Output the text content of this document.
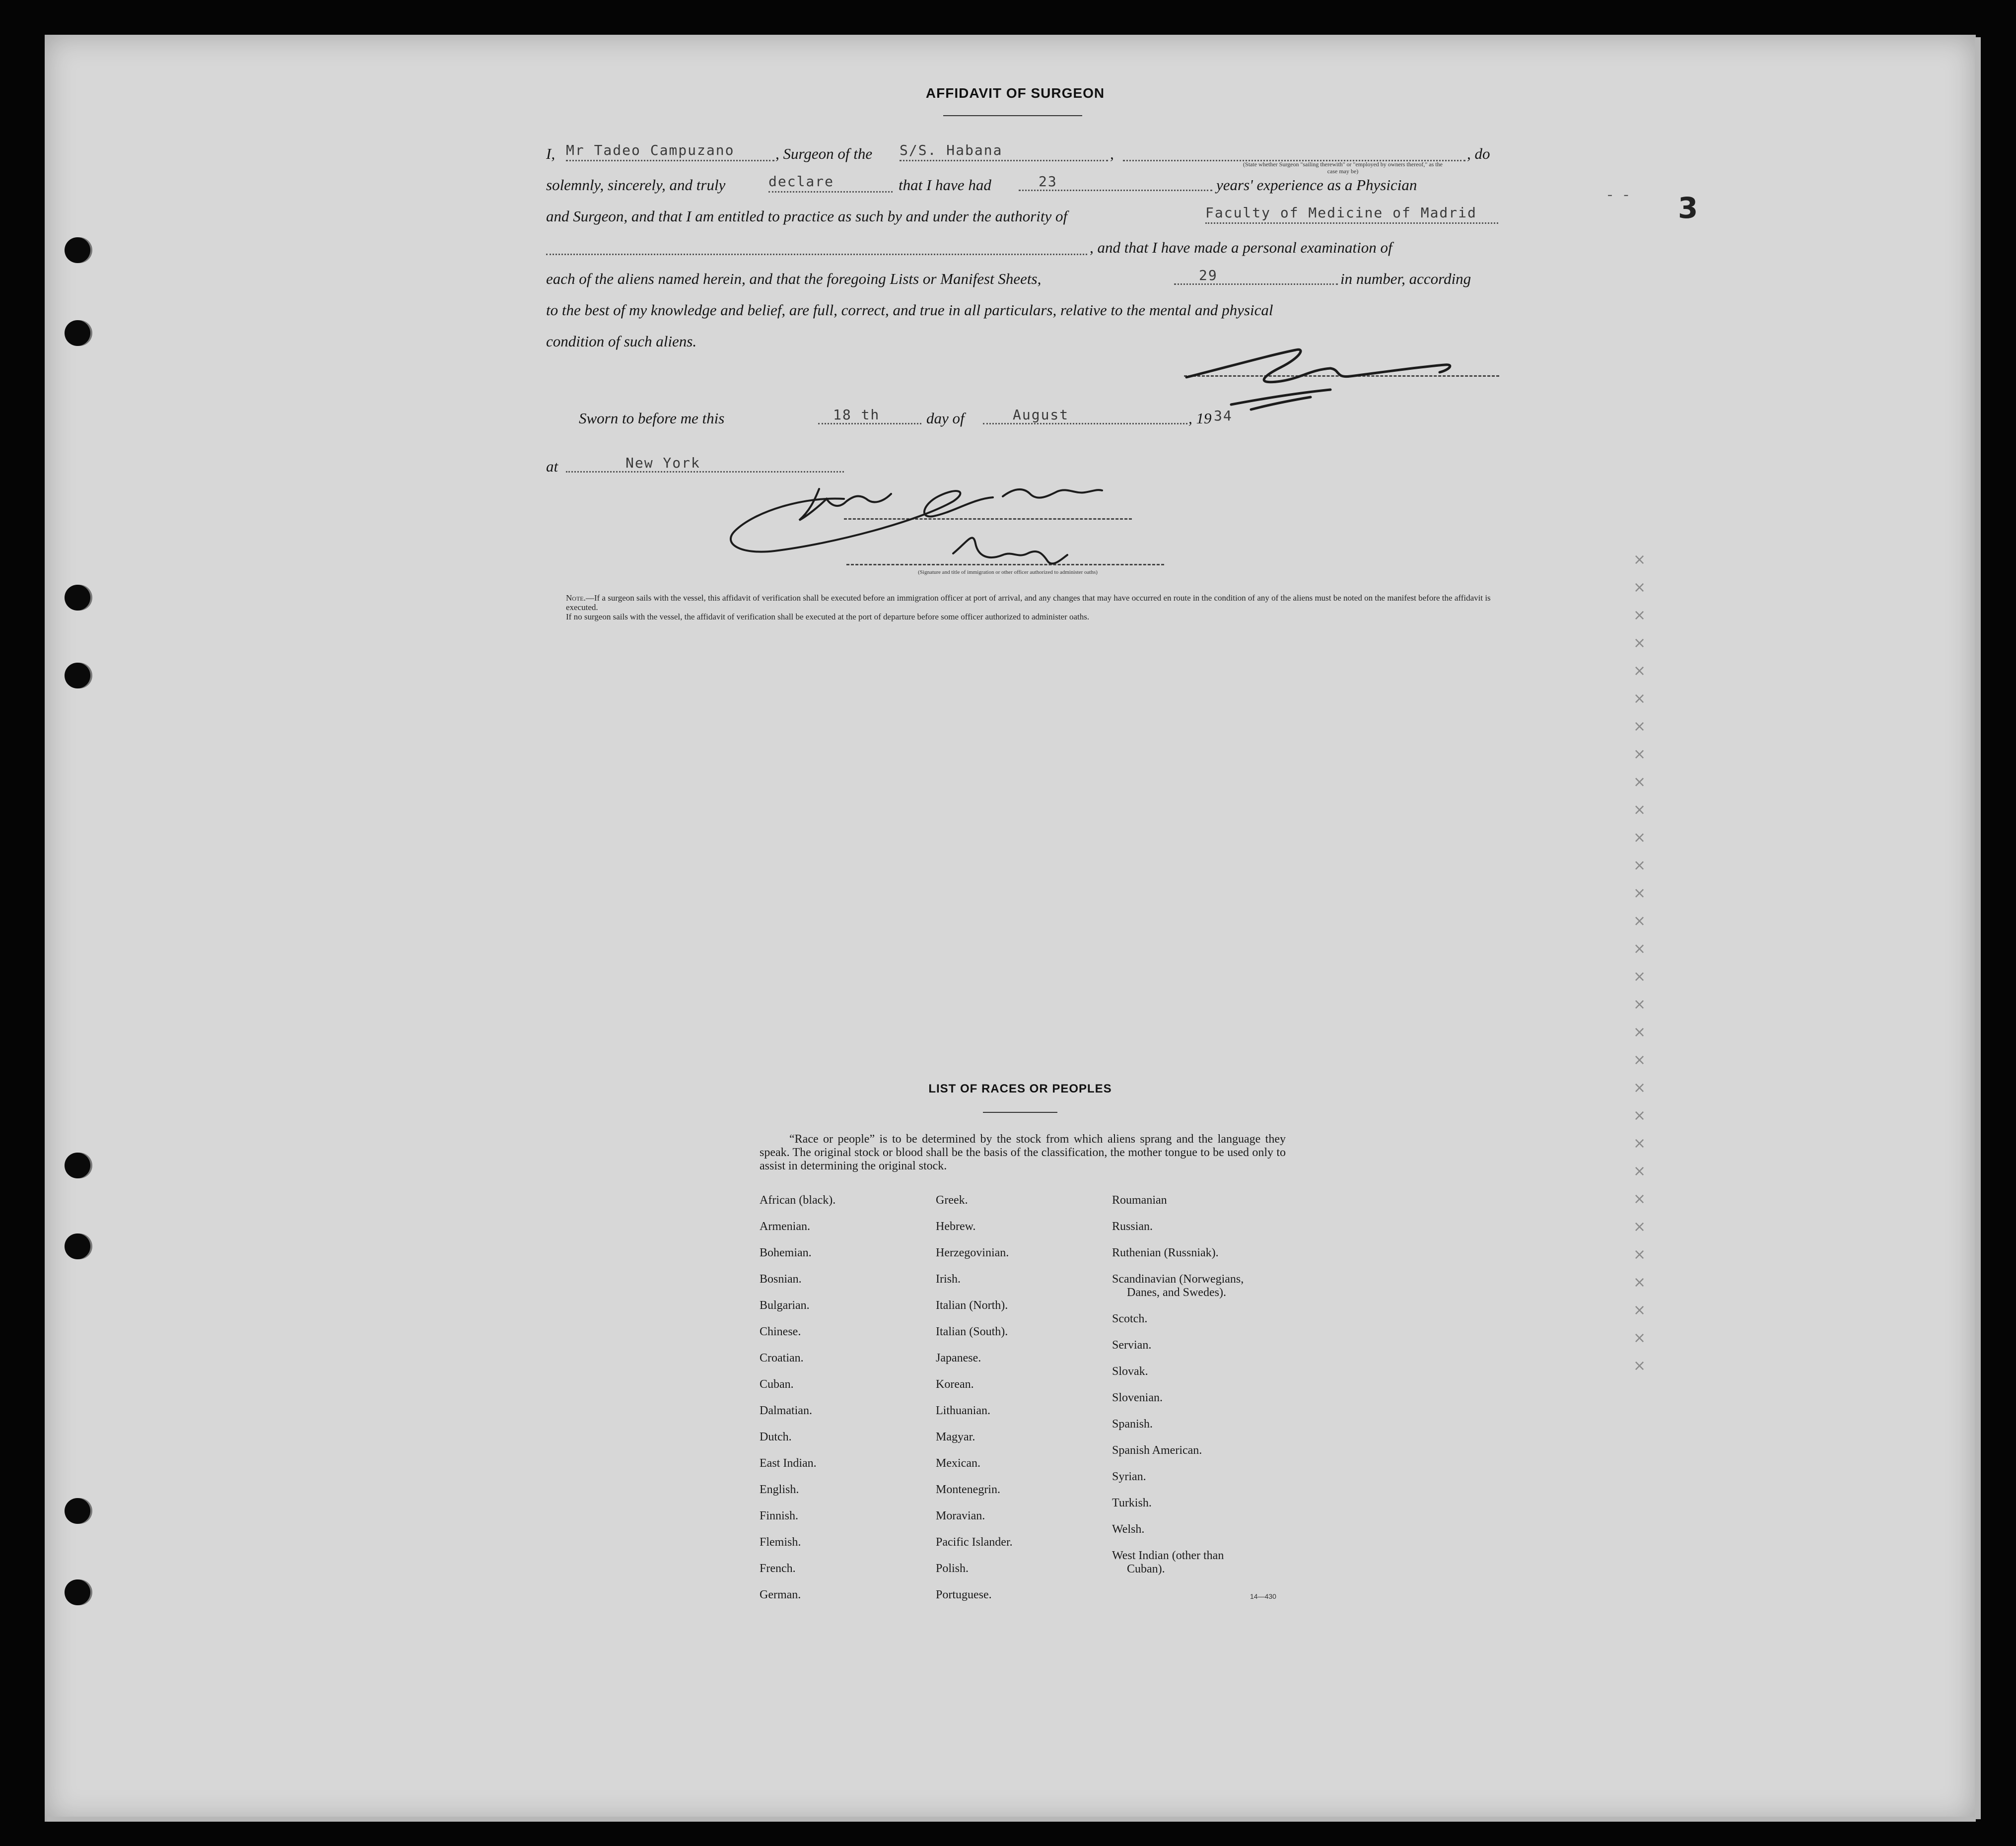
‑   ‑ 3
AFFIDAVIT OF SURGEON
I, Mr Tadeo Campuzano	, Surgeon of the S/S. Habana	,	, do
(State whether Surgeon "sailing therewith" or "employed by owners thereof," as the case may be)
solemnly, sincerely, and truly	declare	that I have had	23	years' experience as a Physician
and Surgeon, and that I am entitled to practice as such by and under the authority of	Faculty of Medicine of Madrid
, and that I have made a personal examination of
each of the aliens named herein, and that the foregoing Lists or Manifest Sheets,	29	in number, according
to the best of my knowledge and belief, are full, correct, and true in all particulars, relative to the mental and physical
condition of such aliens.
Sworn to before me this	18 th	day of	August	, 19 34
at	New York
(Signature and title of immigration or other officer authorized to administer oaths)
Note.—If a surgeon sails with the vessel, this affidavit of verification shall be executed before an immigration officer at port of arrival, and any changes that may have occurred en route in the condition of any of the aliens must be noted on the manifest before the affidavit is executed.
If no surgeon sails with the vessel, the affidavit of verification shall be executed at the port of departure before some officer authorized to administer oaths.
×
×
×
×
×
×
×
×
×
×
×
×
×
×
×
×
×
×
×
×
×
×
×
×
×
×
×
×
×
×
LIST OF RACES OR PEOPLES
“Race or people” is to be determined by the stock from which aliens sprang and the language they speak. The original stock or blood shall be the basis of the classification, the mother tongue to be used only to assist in determining the original stock.
African (black).
Armenian.
Bohemian.
Bosnian.
Bulgarian.
Chinese.
Croatian.
Cuban.
Dalmatian.
Dutch.
East Indian.
English.
Finnish.
Flemish.
French.
German.
Greek.
Hebrew.
Herzegovinian.
Irish.
Italian (North).
Italian (South).
Japanese.
Korean.
Lithuanian.
Magyar.
Mexican.
Montenegrin.
Moravian.
Pacific Islander.
Polish.
Portuguese.
Roumanian
Russian.
Ruthenian (Russniak).
Scandinavian (Norwegians,
Danes, and Swedes).
Scotch.
Servian.
Slovak.
Slovenian.
Spanish.
Spanish American.
Syrian.
Turkish.
Welsh.
West Indian (other than
Cuban).
14—430
